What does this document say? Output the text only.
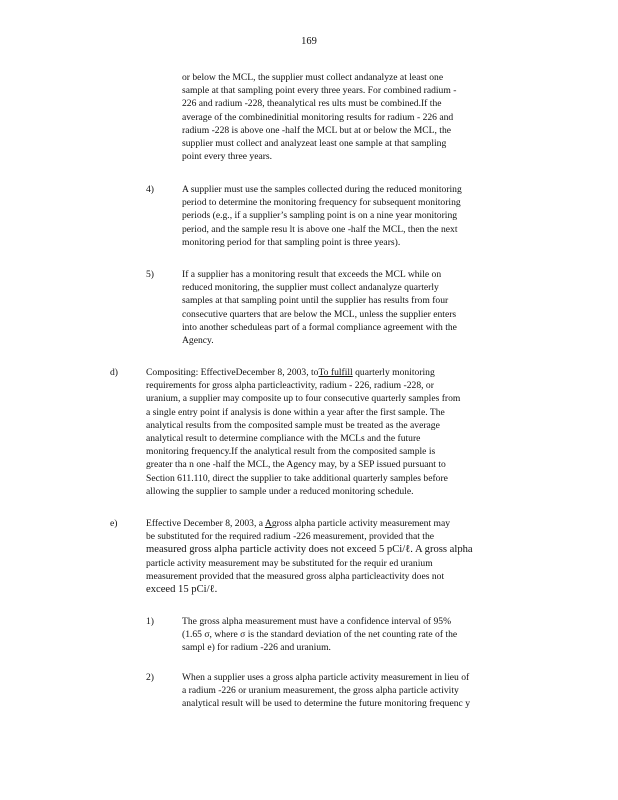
169
or below the MCL, the supplier must collect andanalyze at least one
sample at that sampling point every three years. For combined radium -
226 and radium -228, theanalytical res ults must be combined.If the
average of the combinedinitial monitoring results for radium - 226 and
radium -228 is above one -half the MCL but at or below the MCL, the
supplier must collect and analyzeat least one sample at that sampling
point every three years.
4)	A supplier must use the samples collected during the reduced monitoring
period to determine the monitoring frequency for subsequent monitoring
periods (e.g., if a supplier’s sampling point is on a nine year monitoring
period, and the sample resu lt is above one -half the MCL, then the next
monitoring period for that sampling point is three years).
5)	If a supplier has a monitoring result that exceeds the MCL while on
reduced monitoring, the supplier must collect andanalyze quarterly
samples at that sampling point until the supplier has results from four
consecutive quarters that are below the MCL, unless the supplier enters
into another scheduleas part of a formal compliance agreement with the
Agency.
d)	Compositing: EffectiveDecember 8, 2003, toTo fulfill quarterly monitoring
requirements for gross alpha particleactivity, radium - 226, radium -228, or
uranium, a supplier may composite up to four consecutive quarterly samples from
a single entry point if analysis is done within a year after the first sample. The
analytical results from the composited sample must be treated as the average
analytical result to determine compliance with the MCLs and the future
monitoring frequency.If the analytical result from the composited sample is
greater tha n one -half the MCL, the Agency may, by a SEP issued pursuant to
Section 611.110, direct the supplier to take additional quarterly samples before
allowing the supplier to sample under a reduced monitoring schedule.
e)	Effective December 8, 2003, a Agross alpha particle activity measurement may
be substituted for the required radium -226 measurement, provided that the
measured gross alpha particle activity does not exceed 5 pCi/ℓ. A gross alpha
particle activity measurement may be substituted for the requir ed uranium
measurement provided that the measured gross alpha particleactivity does not
exceed 15 pCi/ℓ.
1)	The gross alpha measurement must have a confidence interval of 95%
(1.65 σ, where σ is the standard deviation of the net counting rate of the
sampl e) for radium -226 and uranium.
2)	When a supplier uses a gross alpha particle activity measurement in lieu of
a radium -226 or uranium measurement, the gross alpha particle activity
analytical result will be used to determine the future monitoring frequenc y
